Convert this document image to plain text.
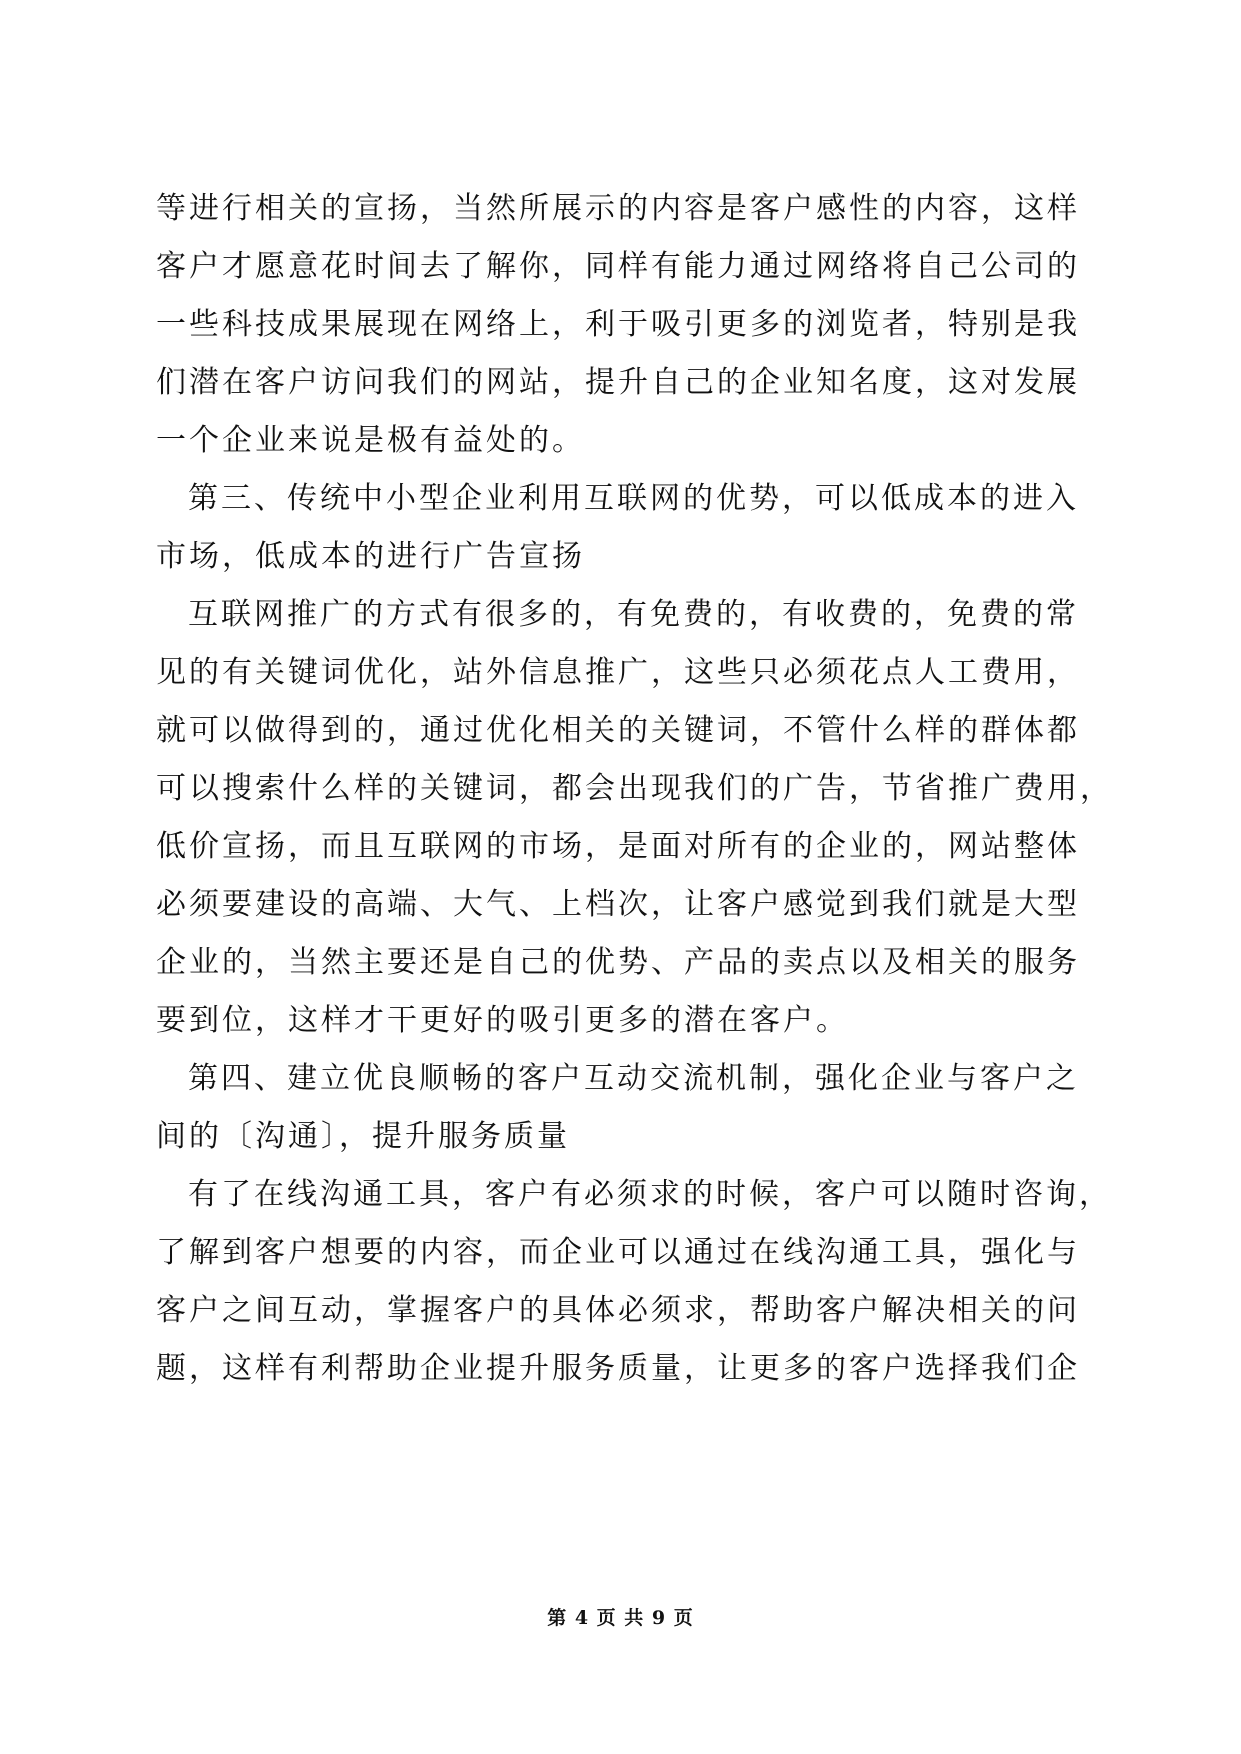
等进行相关的宣扬，当然所展示的内容是客户感性的内容，这样
客户才愿意花时间去了解你，同样有能力通过网络将自己公司的
一些科技成果展现在网络上，利于吸引更多的浏览者，特别是我
们潜在客户访问我们的网站，提升自己的企业知名度，这对发展
一个企业来说是极有益处的。
第三、传统中小型企业利用互联网的优势，可以低成本的进入
市场，低成本的进行广告宣扬
互联网推广的方式有很多的，有免费的，有收费的，免费的常
见的有关键词优化，站外信息推广，这些只必须花点人工费用，
就可以做得到的，通过优化相关的关键词，不管什么样的群体都
可以搜索什么样的关键词，都会出现我们的广告，节省推广费用，
低价宣扬，而且互联网的市场，是面对所有的企业的，网站整体
必须要建设的高端、大气、上档次，让客户感觉到我们就是大型
企业的，当然主要还是自己的优势、产品的卖点以及相关的服务
要到位，这样才干更好的吸引更多的潜在客户。
第四、建立优良顺畅的客户互动交流机制，强化企业与客户之
间的〔沟通〕，提升服务质量
有了在线沟通工具，客户有必须求的时候，客户可以随时咨询，
了解到客户想要的内容，而企业可以通过在线沟通工具，强化与
客户之间互动，掌握客户的具体必须求，帮助客户解决相关的问
题，这样有利帮助企业提升服务质量，让更多的客户选择我们企
第 4 页 共 9 页
